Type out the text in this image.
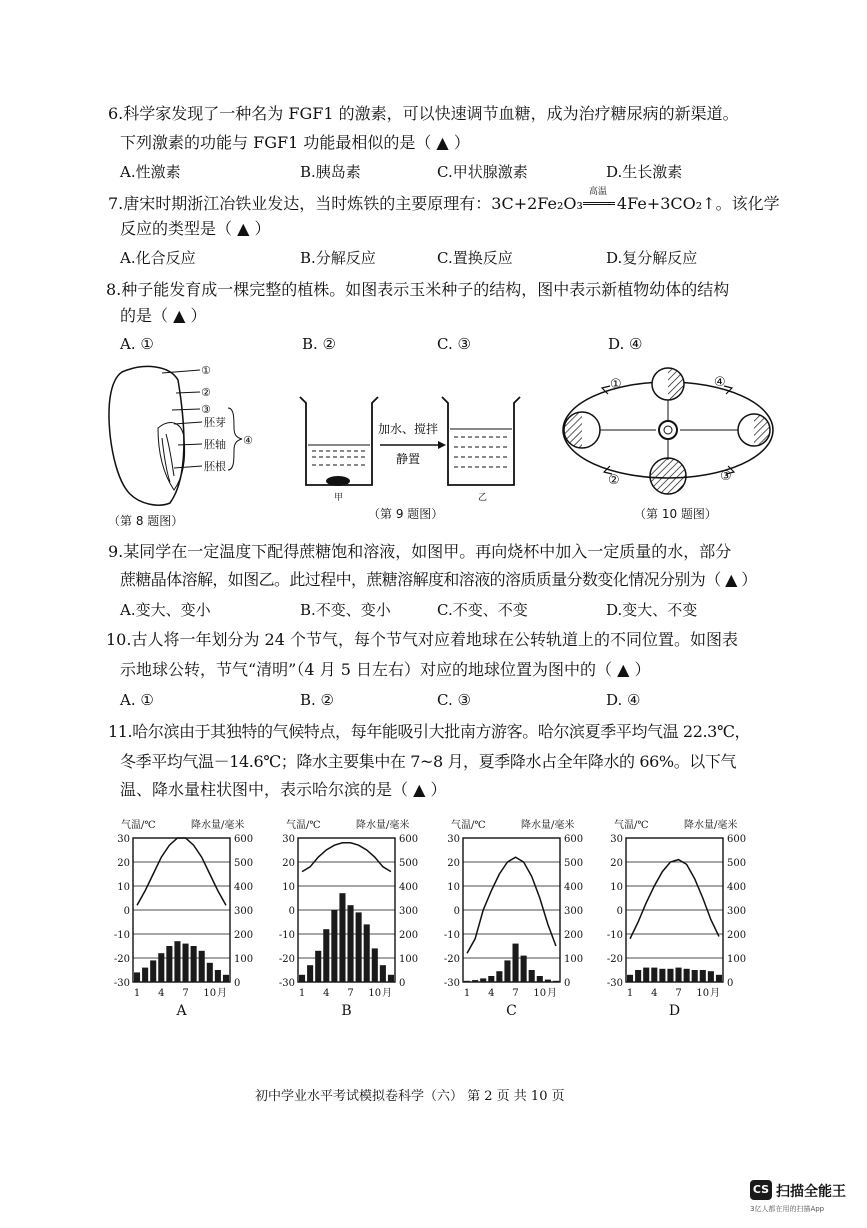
6.科学家发现了一种名为 FGF1 的激素，可以快速调节血糖，成为治疗糖尿病的新渠道。
下列激素的功能与 FGF1 功能最相似的是（ ▲ ）
A.性激素	B.胰岛素	C.甲状腺激素	D.生长激素
7.唐宋时期浙江冶铁业发达，当时炼铁的主要原理有：3C+2Fe₂O₃
高温
4Fe+3CO₂↑。该化学
反应的类型是（ ▲ ）
A.化合反应	B.分解反应	C.置换反应	D.复分解反应
8.种子能发育成一棵完整的植株。如图表示玉米种子的结构，图中表示新植物幼体的结构
的是（ ▲ ）
A. ①	B. ②	C. ③	D. ④
①
②
③
胚芽
胚轴
胚根
④
（第 8 题图）
加水、搅拌
静置
甲	乙
（第 9 题图）
①	④
②	③
（第 10 题图）
9.某同学在一定温度下配得蔗糖饱和溶液，如图甲。再向烧杯中加入一定质量的水，部分
蔗糖晶体溶解，如图乙。此过程中，蔗糖溶解度和溶液的溶质质量分数变化情况分别为（ ▲ ）
A.变大、变小	B.不变、变小	C.不变、不变	D.变大、不变
10.古人将一年划分为 24 个节气，每个节气对应着地球在公转轨道上的不同位置。如图表
示地球公转，节气“清明”（4 月 5 日左右）对应的地球位置为图中的（ ▲ ）
A. ①	B. ②	C. ③	D. ④
11.哈尔滨由于其独特的气候特点，每年能吸引大批南方游客。哈尔滨夏季平均气温 22.3℃，
冬季平均气温－14.6℃；降水主要集中在 7~8 月，夏季降水占全年降水的 66%。以下气
温、降水量柱状图中，表示哈尔滨的是（ ▲ ）
气温/℃	降水量/毫米
30	600
20	500
10	400
0	300
-10	200
-20	100
-30	0
1 4 7 10 月
A
气温/℃	降水量/毫米
30	600
20	500
10	400
0	300
-10	200
-20	100
-30	0
1 4 7 10 月
B
气温/℃	降水量/毫米
30	600
20	500
10	400
0	300
-10	200
-20	100
-30	0
1 4 7 10 月
C
气温/℃	降水量/毫米
30	600
20	500
10	400
0	300
-10	200
-20	100
-30	0
1 4 7 10 月
D
初中学业水平考试模拟卷科学（六） 第 2 页 共 10 页
CS 扫描全能王
3亿人都在用的扫描App
